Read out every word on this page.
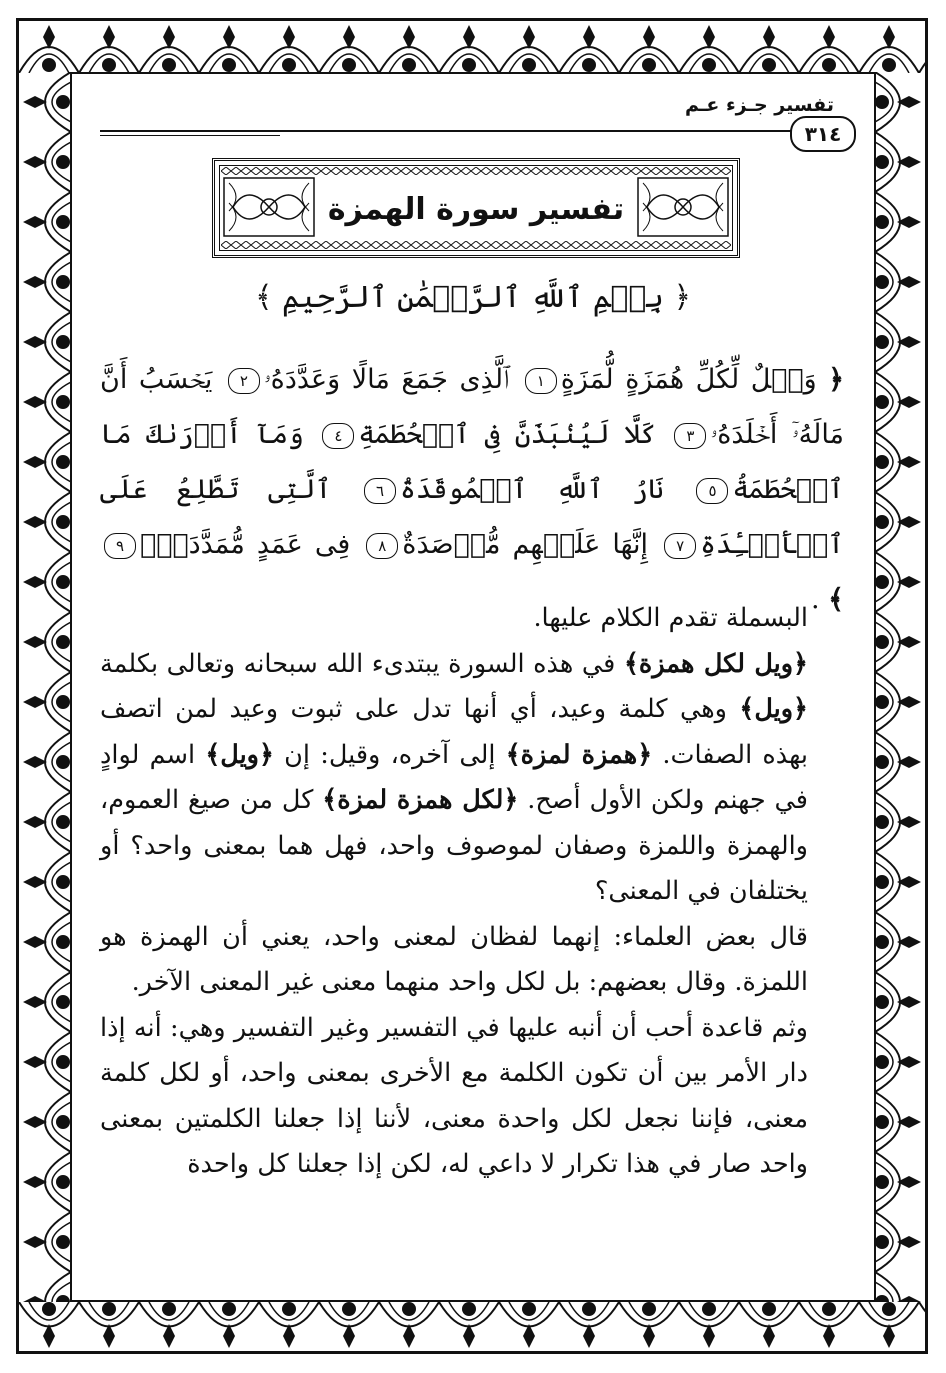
تفسير جـزء عـم
٣١٤
تفسير سورة الهمزة
﴿ بِسۡمِ ٱللَّهِ ٱلرَّحۡمَٰنِ ٱلرَّحِيمِ ﴾
﴿ وَيۡلٌ لِّكُلِّ هُمَزَةٍ لُّمَزَةٍ١ ٱلَّذِى جَمَعَ مَالًا وَعَدَّدَهُۥ٢ يَحۡسَبُ أَنَّ مَالَهُۥٓ أَخۡلَدَهُۥ٣ كَلَّا لَيُنۢبَذَنَّ فِى ٱلۡحُطَمَةِ٤ وَمَآ أَدۡرَىٰكَ مَا ٱلۡحُطَمَةُ٥ نَارُ ٱللَّهِ ٱلۡمُوقَدَةُ٦ ٱلَّتِى تَطَّلِعُ عَلَى ٱلۡأَفۡـِٔدَةِ٧ إِنَّهَا عَلَيۡهِم مُّؤۡصَدَةٌ٨ فِى عَمَدٍ مُّمَدَّدَةِۭ٩ ﴾ .

البسملة تقدم الكلام عليها.

﴿ويل لكل همزة﴾ في هذه السورة يبتدىء الله سبحانه وتعالى بكلمة ﴿ويل﴾ وهي كلمة وعيد، أي أنها تدل على ثبوت وعيد لمن اتصف بهذه الصفات. ﴿همزة لمزة﴾ إلى آخره، وقيل: إن ﴿ويل﴾ اسم لوادٍ في جهنم ولكن الأول أصح. ﴿لكل همزة لمزة﴾ كل من صيغ العموم، والهمزة واللمزة وصفان لموصوف واحد، فهل هما بمعنى واحد؟ أو يختلفان في المعنى؟

قال بعض العلماء: إنهما لفظان لمعنى واحد، يعني أن الهمزة هو اللمزة. وقال بعضهم: بل لكل واحد منهما معنى غير المعنى الآخر.

وثم قاعدة أحب أن أنبه عليها في التفسير وغير التفسير وهي: أنه إذا دار الأمر بين أن تكون الكلمة مع الأخرى بمعنى واحد، أو لكل كلمة معنى، فإننا نجعل لكل واحدة معنى، لأننا إذا جعلنا الكلمتين بمعنى واحد صار في هذا تكرار لا داعي له، لكن إذا جعلنا كل واحدة
